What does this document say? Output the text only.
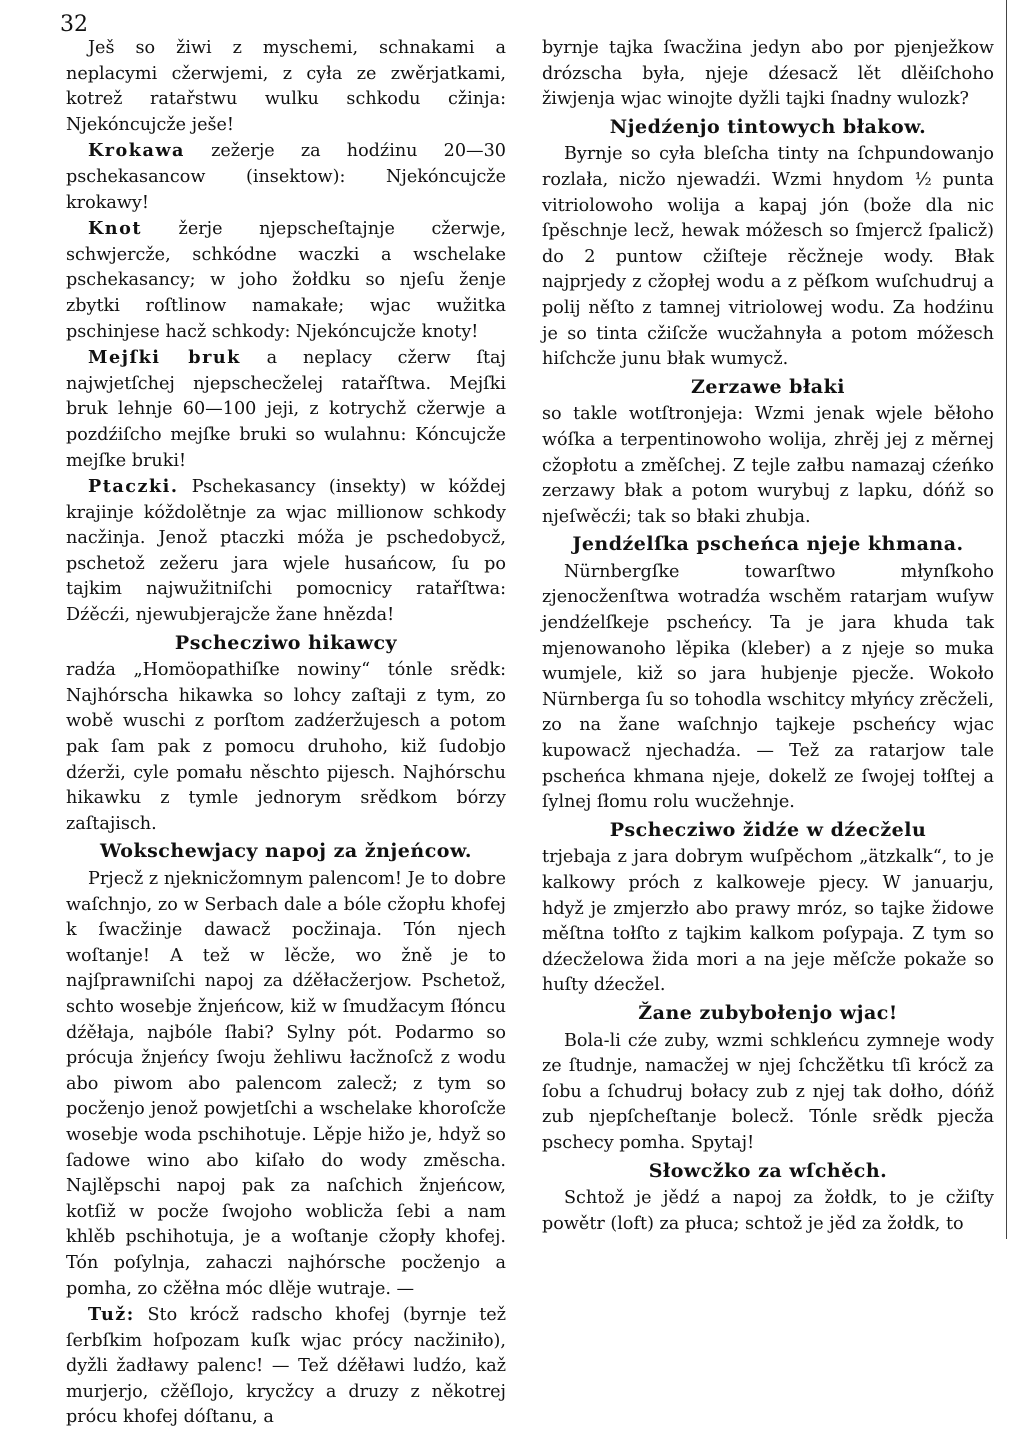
32

Ješ so žiwi z myschemi, schnakami a neplacymi cžerwjemi, z cyła ze zwěrjatkami, kotrež ratařstwu wulku schkodu cžinja: Njekóncujcže ješe!

Krokawa zežerje za hodźinu 20—30 pschekasancow (insektow): Njekóncujcže krokawy!

Knot žerje njepscheſtajnje cžerwje, schwjercže, schkódne waczki a wschelake pschekasancy; w joho žołdku so njeſu ženje zbytki roſtlinow namakałe; wjac wužitka pschinjese hacž schkody: Njekóncujcže knoty!

Mejſki bruk a neplacy cžerw ſtaj najwjetſchej njepschecželej ratařſtwa. Mejſki bruk lehnje 60—100 jeji, z kotrychž cžerwje a pozdźiſcho mejſke bruki so wulahnu: Kóncujcže mejſke bruki!

Ptaczki. Pschekasancy (insekty) w kóždej krajinje kóždolětnje za wjac millionow schkody nacžinja. Jenož ptaczki móža je pschedobycž, pschetož zežeru jara wjele husańcow, ſu po tajkim najwužitniſchi pomocnicy ratařſtwa: Dźěcźi, njewubjerajcže žane hnězda!

Pschecziwo hikawcy

radźa „Homöopathiſke nowiny“ tónle srědk: Najhórscha hikawka so lohcy zaſtaji z tym, zo wobě wuschi z porſtom zadźeržujesch a potom pak ſam pak z pomocu druhoho, kiž ſudobjo dźerži, cyle pomału něschto pijesch. Najhórschu hikawku z tymle jednorym srědkom bórzy zaſtajisch.

Wokschewjacy napoj za žnjeńcow.

Prjecž z njeknicžomnym palencom! Je to dobre waſchnjo, zo w Serbach dale a bóle cžopłu khofej k ſwacžinje dawacž pocžinaja. Tón njech woſtanje! A tež w lěcže, wo žně je to najſprawniſchi napoj za dźěłacžerjow. Pschetož, schto wosebje žnjeńcow, kiž w ſmudžacym ſłóncu dźěłaja, najbóle ſłabi? Sylny pót. Podarmo so prócuja žnjeńcy ſwoju žehliwu łacžnoſcž z wodu abo piwom abo palencom zalecž; z tym so pocženjo jenož powjetſchi a wschelake khoroſcže wosebje woda pschihotuje. Lěpje hižo je, hdyž so ſadowe wino abo kiſało do wody změscha. Najlěpschi napoj pak za naſchich žnjeńcow, kotſiž w pocže ſwojoho woblicža ſebi a nam khlěb pschihotuja, je a woſtanje cžopły khofej. Tón poſylnja, zahaczi najhórsche pocženjo a pomha, zo cžěłna móc dlěje wutraje. —

Tuž: Sto krócž radscho khofej (byrnje tež ſerbſkim hoſpozam kuſk wjac prócy nacžiniło), dyžli žadławy palenc! — Tež dźěławi ludźo, kaž murjerjo, cžěſlojo, krycžcy a druzy z někotrej prócu khofej dóſtanu, a

byrnje tajka ſwacžina jedyn abo por pjenježkow drózscha była, njeje dźesacž lět dlěiſchoho žiwjenja wjac winojte dyžli tajki ſnadny wulozk?

Njedźenjo tintowych błakow.

Byrnje so cyła bleſcha tinty na ſchpundowanjo rozlała, nicžo njewadźi. Wzmi hnydom ½ punta vitriolowoho wolija a kapaj jón (bože dla nic ſpěschnje lecž, hewak móžesch so ſmjercž ſpalicž) do 2 puntow cžiſteje rěcžneje wody. Błak najprjedy z cžopłej wodu a z pěſkom wuſchudruj a polij něſto z tamnej vitriolowej wodu. Za hodźinu je so tinta cžiſcže wucžahnyła a potom móžesch hiſchcže junu błak wumycž.

Zerzawe błaki

so takle wotſtronjeja: Wzmi jenak wjele běłoho wóſka a terpentinowoho wolija, zhrěj jej z měrnej cžopłotu a změſchej. Z tejle załbu namazaj cźeńko zerzawy błak a potom wurybuj z lapku, dóńž so njeſwěcźi; tak so błaki zhubja.

Jendźelſka pscheńca njeje khmana.

Nürnbergſke towarſtwo młynſkoho zjenocženſtwa wotradźa wschěm ratarjam wuſyw jendźelſkeje pscheńcy. Ta je jara khuda tak mjenowanoho lěpika (kleber) a z njeje so muka wumjele, kiž so jara hubjenje pjecže. Wokoło Nürnberga ſu so tohodla wschitcy młyńcy zrěcželi, zo na žane waſchnjo tajkeje pscheńcy wjac kupowacž njechadźa. — Tež za ratarjow tale pscheńca khmana njeje, dokelž ze ſwojej tołſtej a ſylnej ſłomu rolu wucžehnje.

Pschecziwo židźe w dźecželu

trjebaja z jara dobrym wuſpěchom „ätzkalk“, to je kalkowy próch z kalkoweje pjecy. W januarju, hdyž je zmjerzło abo prawy mróz, so tajke židowe měſtna tołſto z tajkim kalkom poſypaja. Z tym so dźecželowa žida mori a na jeje měſcže pokaže so huſty dźecžel.

Žane zubybołenjo wjac!

Bola-li cźe zuby, wzmi schkleńcu zymneje wody ze ſtudnje, namacžej w njej ſchcžětku tſi krócž za ſobu a ſchudruj bołacy zub z njej tak dołho, dóńž zub njepſcheſtanje bolecž. Tónle srědk pjecža pschecy pomha. Spytaj!

Słowcžko za wſchěch.

Schtož je jědź a napoj za žołdk, to je cžiſty powětr (loft) za płuca; schtož je jěd za žołdk, to
